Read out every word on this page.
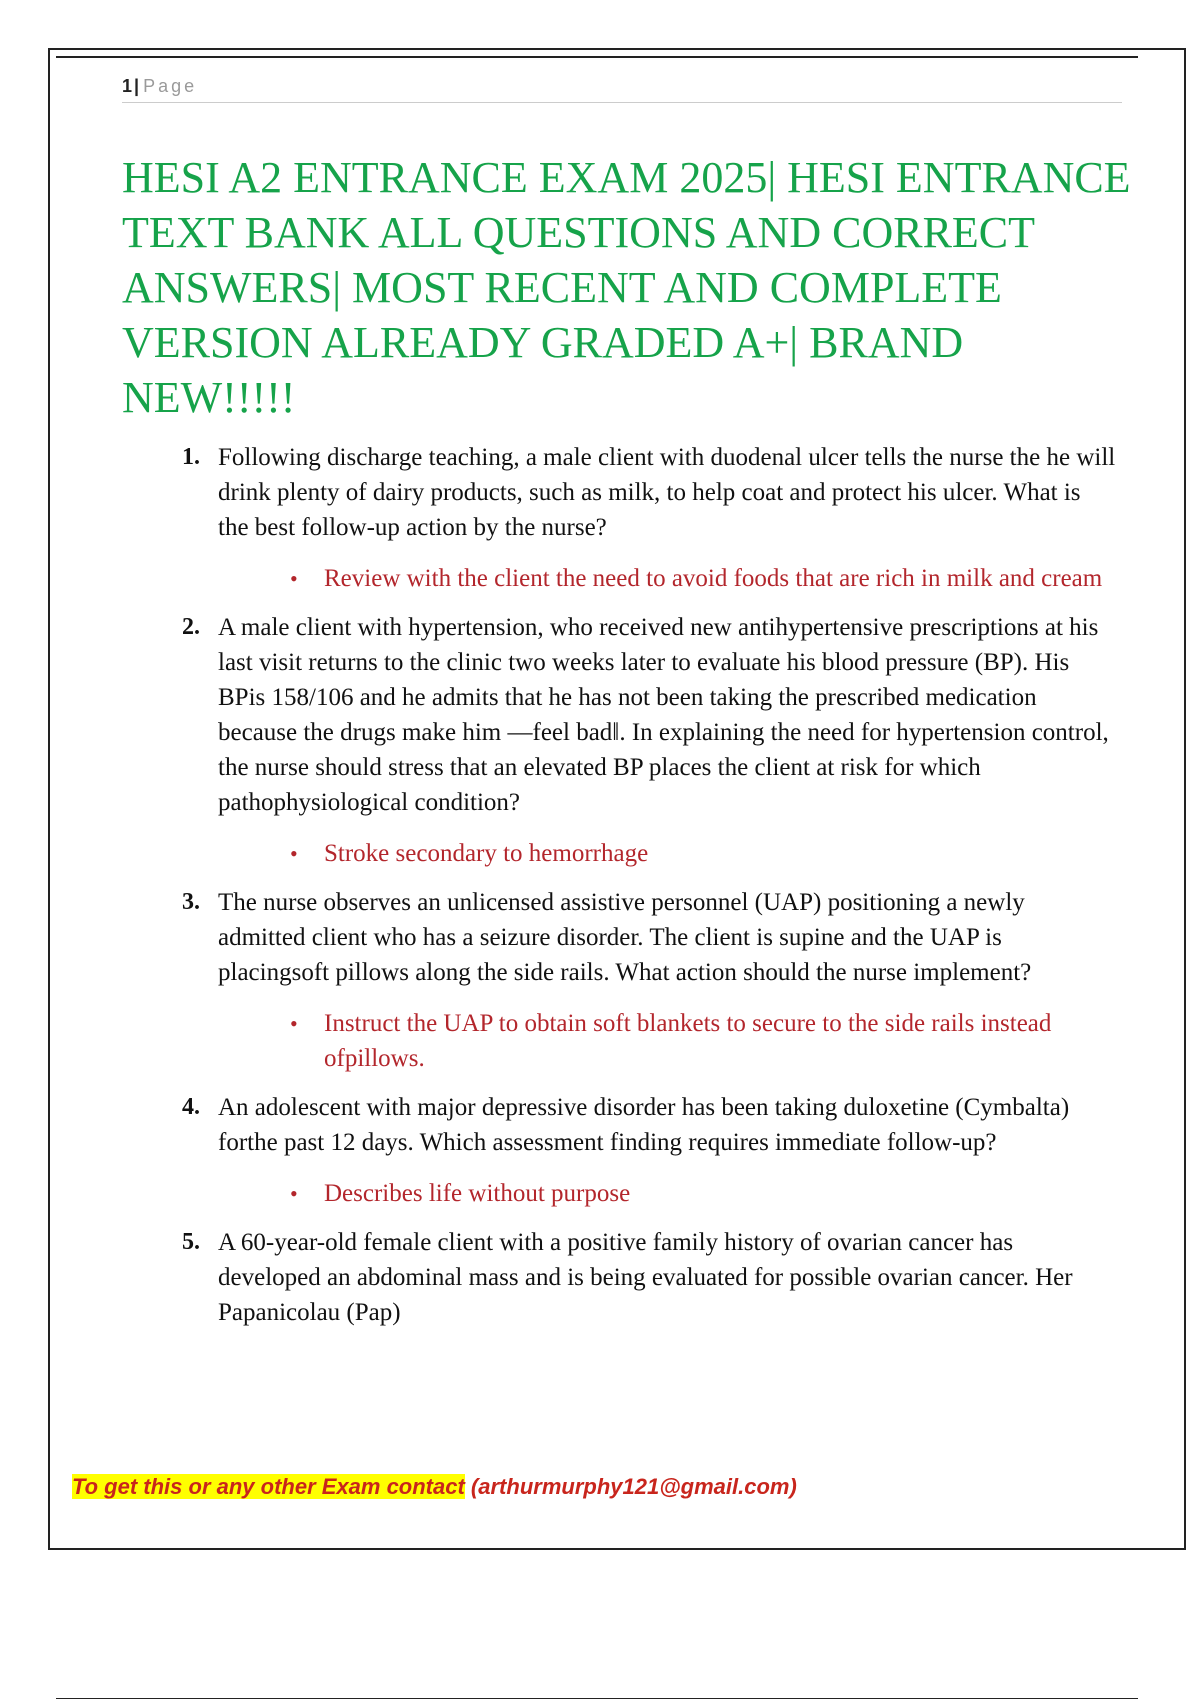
1 | Page
HESI A2 ENTRANCE EXAM 2025| HESI ENTRANCE TEXT BANK ALL QUESTIONS AND CORRECT ANSWERS| MOST RECENT AND COMPLETE VERSION ALREADY GRADED A+| BRAND NEW!!!!!
1. Following discharge teaching, a male client with duodenal ulcer tells the nurse the he will drink plenty of dairy products, such as milk, to help coat and protect his ulcer. What is the best follow-up action by the nurse?
• Review with the client the need to avoid foods that are rich in milk and cream
2. A male client with hypertension, who received new antihypertensive prescriptions at his last visit returns to the clinic two weeks later to evaluate his blood pressure (BP). His BPis 158/106 and he admits that he has not been taking the prescribed medication because the drugs make him ―feel bad‖. In explaining the need for hypertension control, the nurse should stress that an elevated BP places the client at risk for which pathophysiological condition?
• Stroke secondary to hemorrhage
3. The nurse observes an unlicensed assistive personnel (UAP) positioning a newly admitted client who has a seizure disorder. The client is supine and the UAP is placingsoft pillows along the side rails. What action should the nurse implement?
• Instruct the UAP to obtain soft blankets to secure to the side rails instead ofpillows.
4. An adolescent with major depressive disorder has been taking duloxetine (Cymbalta) forthe past 12 days. Which assessment finding requires immediate follow-up?
• Describes life without purpose
5. A 60-year-old female client with a positive family history of ovarian cancer has developed an abdominal mass and is being evaluated for possible ovarian cancer. Her Papanicolau (Pap)
To get this or any other Exam contact (arthurmurphy121@gmail.com)
